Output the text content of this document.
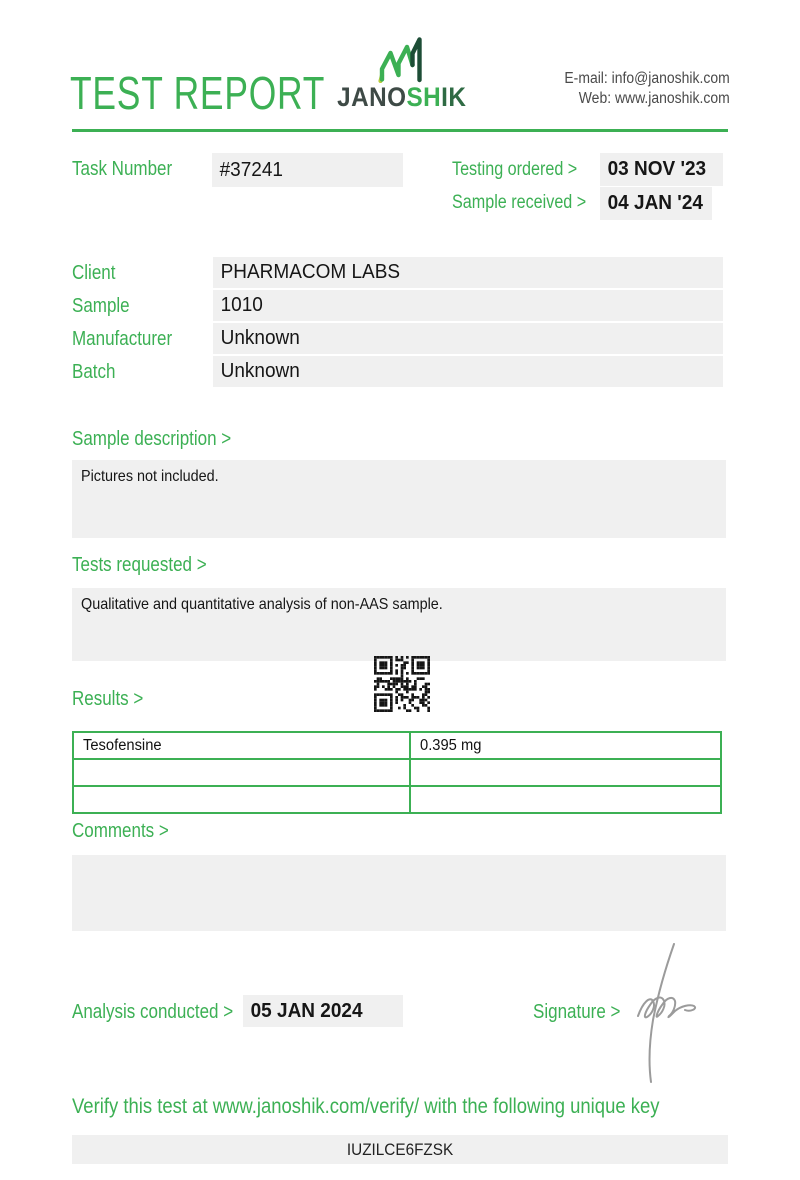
TEST REPORT JANOSHIK
E-mail: info@janoshik.com
Web: www.janoshik.com
Task Number	#37241	Testing ordered >	03 NOV '23
Sample received >	04 JAN '24
Client	PHARMACOM LABS
Sample	1010
Manufacturer	Unknown
Batch	Unknown
Sample description >
Pictures not included.
Tests requested >
Qualitative and quantitative analysis of non-AAS sample.
Results >
Tesofensine	0.395 mg

Comments >
Analysis conducted > 05 JAN 2024	Signature >
Verify this test at www.janoshik.com/verify/ with the following unique key
IUZILCE6FZSK
